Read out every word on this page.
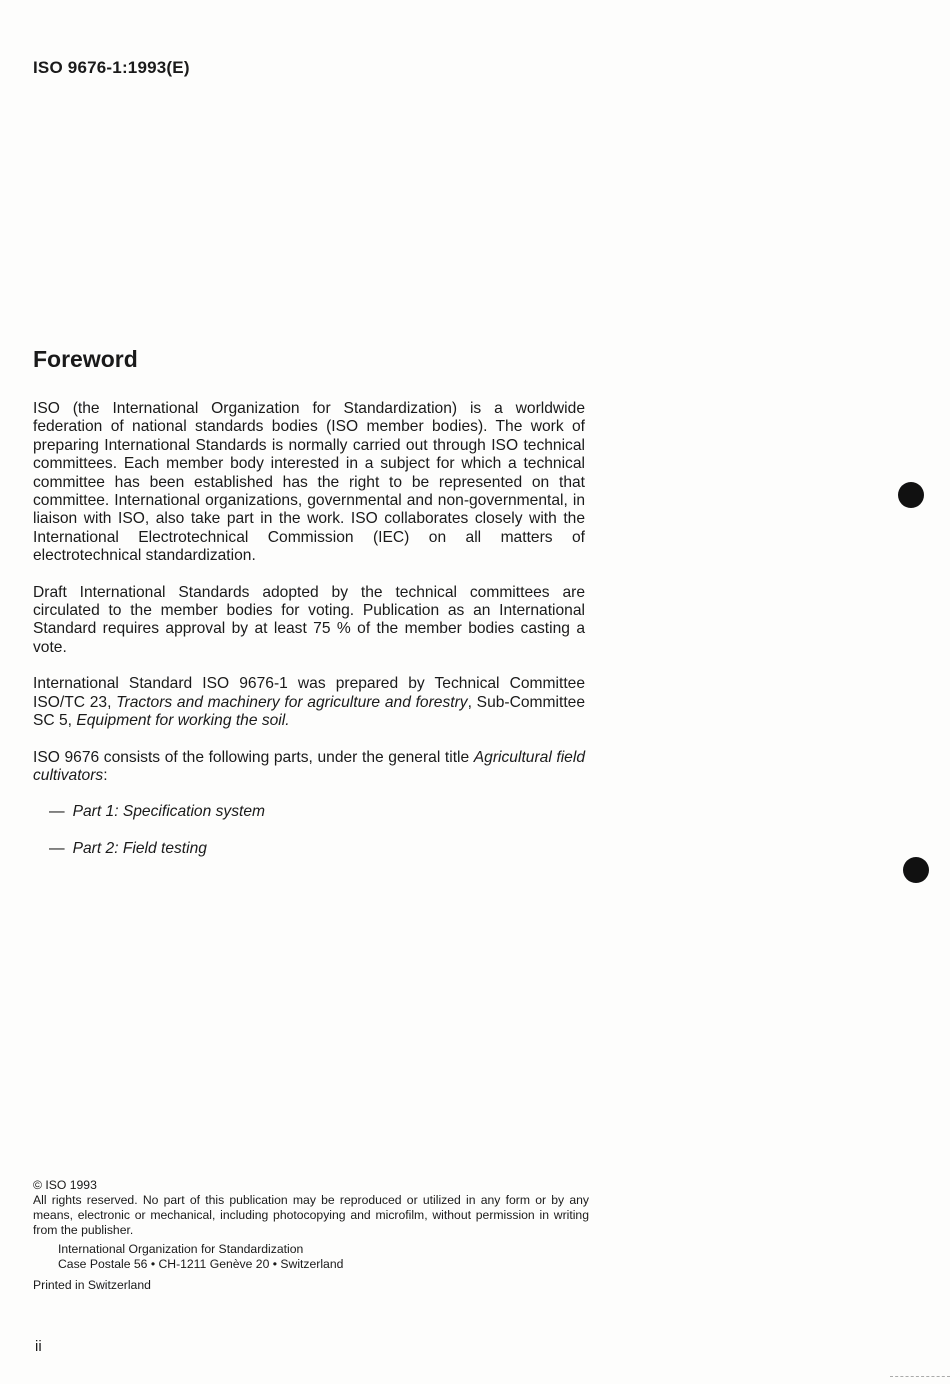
ISO 9676-1:1993(E)
Foreword

ISO (the International Organization for Standardization) is a worldwide federation of national standards bodies (ISO member bodies). The work of preparing International Standards is normally carried out through ISO technical committees. Each member body interested in a subject for which a technical committee has been established has the right to be represented on that committee. International organizations, governmental and non-governmental, in liaison with ISO, also take part in the work. ISO collaborates closely with the International Electrotechnical Commission (IEC) on all matters of electrotechnical standardization.

Draft International Standards adopted by the technical committees are circulated to the member bodies for voting. Publication as an International Standard requires approval by at least 75 % of the member bodies casting a vote.

International Standard ISO 9676-1 was prepared by Technical Committee ISO/TC 23, Tractors and machinery for agriculture and forestry, Sub-Committee SC 5, Equipment for working the soil.

ISO 9676 consists of the following parts, under the general title Agricultural field cultivators:

— Part 1: Specification system
— Part 2: Field testing

© ISO 1993

All rights reserved. No part of this publication may be reproduced or utilized in any form or by any means, electronic or mechanical, including photocopying and microfilm, without permission in writing from the publisher.

International Organization for Standardization

Case Postale 56 • CH-1211 Genève 20 • Switzerland

Printed in Switzerland

ii
